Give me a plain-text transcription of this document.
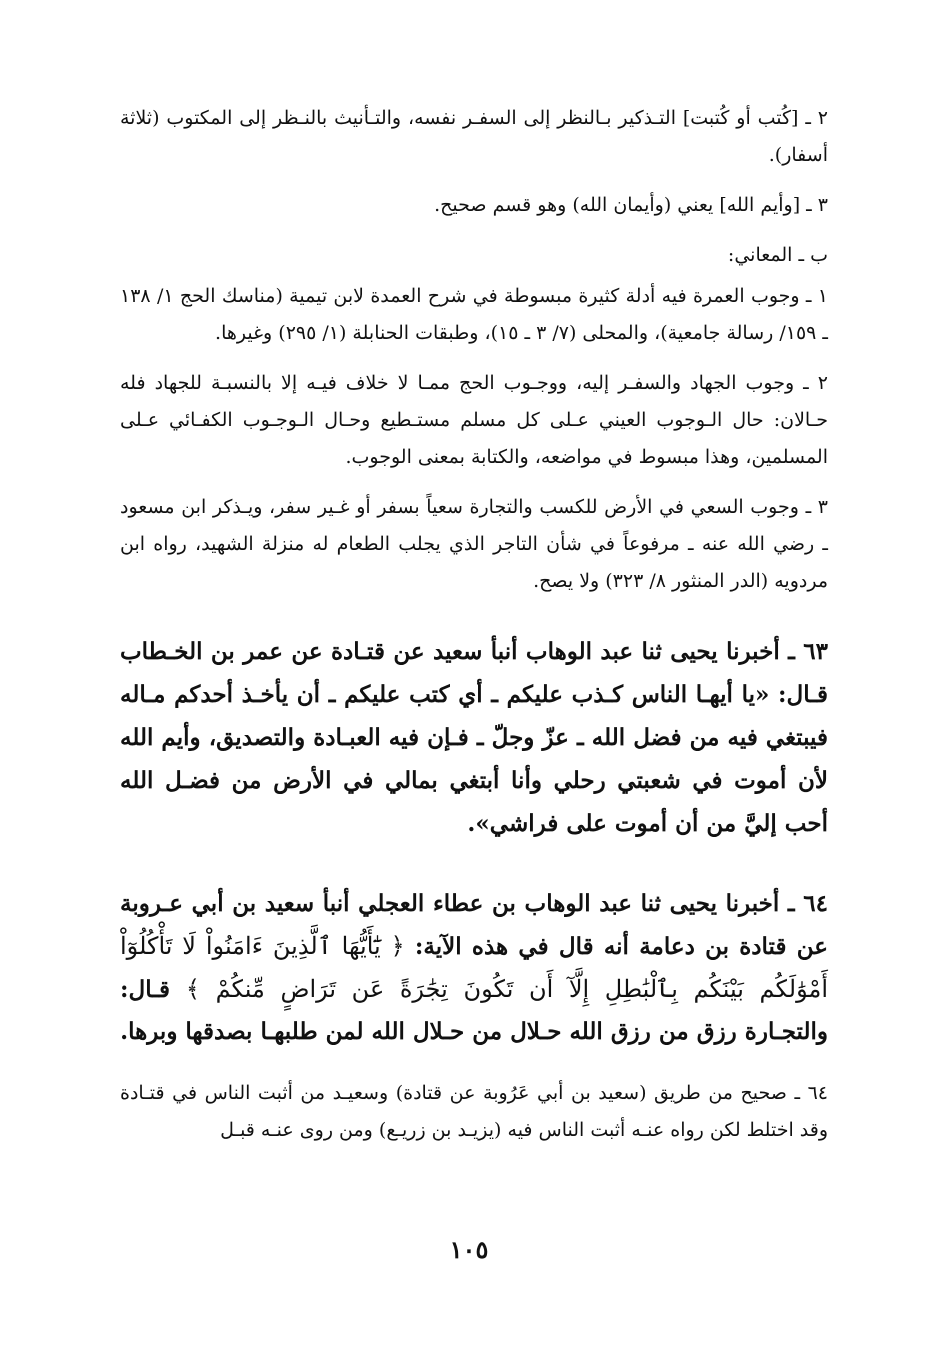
٢ ـ [كُتب أو كُتبت] التـذكير بـالنظر إلى السفـر نفسه، والتـأنيث بالنـظر إلى المكتوب (ثلاثة أسفار).

٣ ـ [وأيم الله] يعني (وأيمان الله) وهو قسم صحيح.

ب ـ المعاني:

١ ـ وجوب العمرة فيه أدلة كثيرة مبسوطة في شرح العمدة لابن تيمية (مناسك الحج ١/ ١٣٨ ـ ١٥٩/ رسالة جامعية)، والمحلى (٧/ ٣ ـ ١٥)، وطبقات الحنابلة (١/ ٢٩٥) وغيرها.

٢ ـ وجوب الجهاد والسفـر إليه، ووجـوب الحج ممـا لا خلاف فيـه إلا بالنسبـة للجهاد فله حـالان: حال الـوجوب العيني عـلى كل مسلم مستـطيع وحـال الـوجـوب الكفـائي عـلى المسلمين، وهذا مبسوط في مواضعه، والكتابة بمعنى الوجوب.

٣ ـ وجوب السعي في الأرض للكسب والتجارة سعياً بسفر أو غـير سفر، ويـذكر ابن مسعود ـ رضي الله عنه ـ مرفوعاً في شأن التاجر الذي يجلب الطعام له منزلة الشهيد، رواه ابن مردويه (الدر المنثور ٨/ ٣٢٣) ولا يصح.

٦٣ ـ أخبرنا يحيى ثنا عبد الوهاب أنبأ سعيد عن قتـادة عن عمر بن الخـطاب قـال: «يا أيهـا الناس كـذب عليكم ـ أي كتب عليكم ـ أن يأخـذ أحدكم مـاله فيبتغي فيه من فضل الله ـ عزّ وجلّ ـ فـإن فيه العبـادة والتصديق، وأيم الله لأن أموت في شعبتي رحلي وأنا أبتغي بمالي في الأرض من فضـل الله أحب إليَّ من أن أموت على فراشي».

٦٤ ـ أخبرنا يحيى ثنا عبد الوهاب بن عطاء العجلي أنبأ سعيد بن أبي عـروبة عن قتادة بن دعامة أنه قال في هذه الآية: ﴿ يَٰٓأَيُّهَا ٱلَّذِينَ ءَامَنُواْ لَا تَأْكُلُوٓاْ أَمْوَٰلَكُم بَيْنَكُم بِٱلْبَٰطِلِ إِلَّآ أَن تَكُونَ تِجَٰرَةً عَن تَرَاضٍ مِّنكُمْ ﴾ قـال: والتجـارة رزق من رزق الله حـلال من حـلال الله لمن طلبهـا بصدقها وبرها.

٦٤ ـ صحيح من طريق (سعيد بن أبي عَرُوبة عن قتادة) وسعيـد من أثبت الناس في قتـادة وقد اختلط لكن رواه عنـه أثبت الناس فيه (يزيـد بن زريـع) ومن روى عنـه قبـل

١٠٥
